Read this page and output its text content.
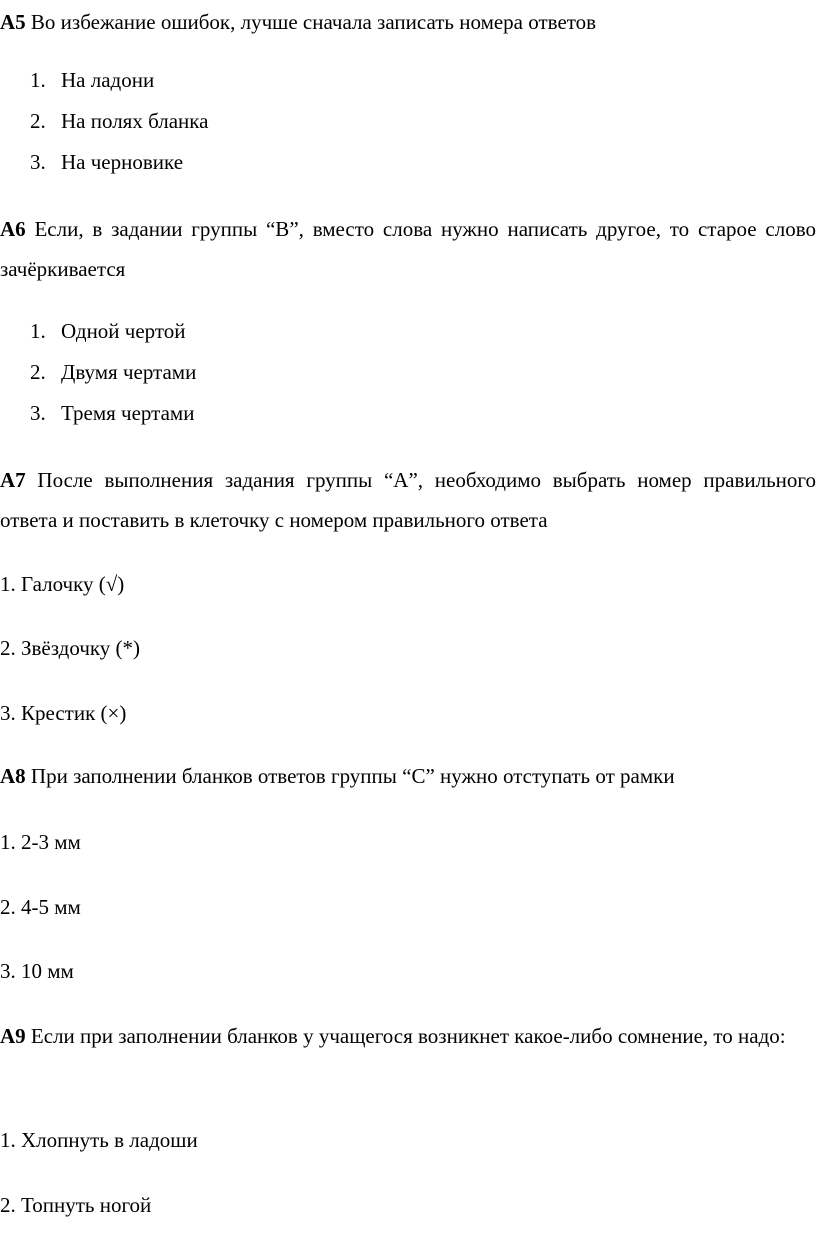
А5 Во избежание ошибок, лучше сначала записать номера ответов

1. На ладони

2. На полях бланка

3. На черновике

А6 Если, в задании группы “В”, вместо слова нужно написать другое, то старое слово зачёркивается

1. Одной чертой

2. Двумя чертами

3. Тремя чертами

А7 После выполнения задания группы “А”, необходимо выбрать номер правильного ответа и поставить в клеточку с номером правильного ответа

1. Галочку (√)

2. Звёздочку (*)

3. Крестик (×)

А8 При заполнении бланков ответов группы “С” нужно отступать от рамки

1. 2-3 мм

2. 4-5 мм

3. 10 мм

А9 Если при заполнении бланков у учащегося возникнет какое-либо сомнение, то надо:

1. Хлопнуть в ладоши

2. Топнуть ногой
